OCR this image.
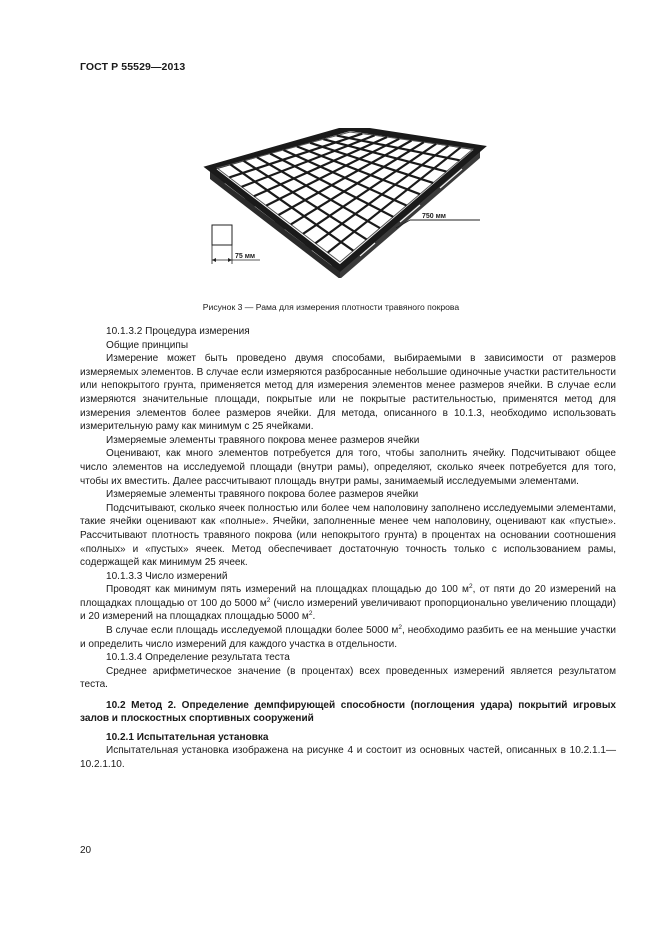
ГОСТ Р 55529—2013
750 мм
75 мм
Рисунок 3 — Рама для измерения плотности травяного покрова

10.1.3.2 Процедура измерения

Общие принципы

Измерение может быть проведено двумя способами, выбираемыми в зависимости от размеров измеряемых элементов. В случае если измеряются разбросанные небольшие одиночные участки растительности или непокрытого грунта, применяется метод для измерения элементов менее размеров ячейки. В случае если измеряются значительные площади, покрытые или не покрытые растительностью, применятся метод для измерения элементов более размеров ячейки. Для метода, описанного в 10.1.3, необходимо использовать измерительную раму как минимум с 25 ячейками.

Измеряемые элементы травяного покрова менее размеров ячейки

Оценивают, как много элементов потребуется для того, чтобы заполнить ячейку. Подсчитывают общее число элементов на исследуемой площади (внутри рамы), определяют, сколько ячеек потребуется для того, чтобы их вместить. Далее рассчитывают площадь внутри рамы, занимаемый исследуемыми элементами.

Измеряемые элементы травяного покрова более размеров ячейки

Подсчитывают, сколько ячеек полностью или более чем наполовину заполнено исследуемыми элементами, такие ячейки оценивают как «полные». Ячейки, заполненные менее чем наполовину, оценивают как «пустые». Рассчитывают плотность травяного покрова (или непокрытого грунта) в процентах на основании соотношения «полных» и «пустых» ячеек. Метод обеспечивает достаточную точность только с использованием рамы, содержащей как минимум 25 ячеек.

10.1.3.3 Число измерений

Проводят как минимум пять измерений на площадках площадью до 100 $м^2$, от пяти до 20 измерений на площадках площадью от 100 до 5000 $м^2$ (число измерений увеличивают пропорционально увеличению площади) и 20 измерений на площадках площадью 5000 $м^2$.

В случае если площадь исследуемой площадки более 5000 $м^2$, необходимо разбить ее на меньшие участки и определить число измерений для каждого участка в отдельности.

10.1.3.4 Определение результата теста

Среднее арифметическое значение (в процентах) всех проведенных измерений является результатом теста.

10.2 Метод 2. Определение демпфирующей способности (поглощения удара) покрытий игровых залов и плоскостных спортивных сооружений

10.2.1 Испытательная установка

Испытательная установка изображена на рисунке 4 и состоит из основных частей, описанных в 10.2.1.1—10.2.1.10.

20
